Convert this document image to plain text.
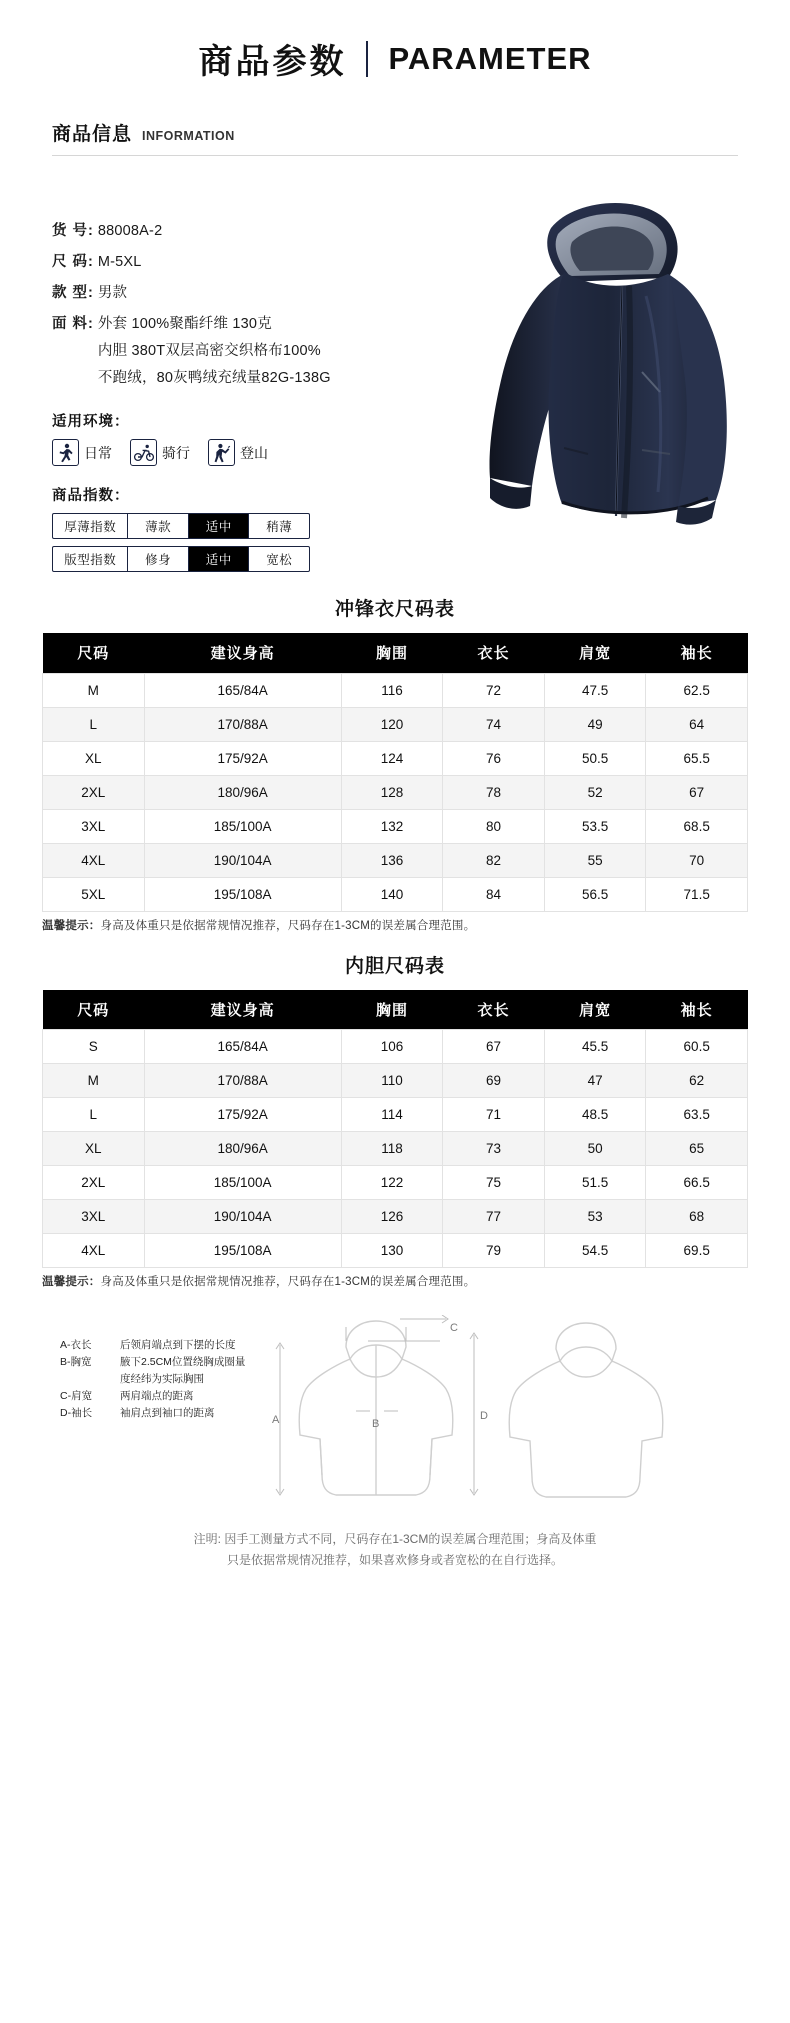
商品参数 PARAMETER
商品信息 INFORMATION
货 号: 88008A-2
尺 码: M-5XL
款 型: 男款
面 料: 外套 100%聚酯纤维 130克
内胆 380T双层高密交织格布100%
不跑绒，80灰鸭绒充绒量82G-138G
适用环境：
日常	骑行	登山
商品指数：
厚薄指数	薄款	适中	稍薄
版型指数	修身	适中	宽松
冲锋衣尺码表
尺码	建议身高	胸围	衣长	肩宽	袖长
M	165/84A	116	72	47.5	62.5
L	170/88A	120	74	49	64
XL	175/92A	124	76	50.5	65.5
2XL	180/96A	128	78	52	67
3XL	185/100A	132	80	53.5	68.5
4XL	190/104A	136	82	55	70
5XL	195/108A	140	84	56.5	71.5
温馨提示：身高及体重只是依据常规情况推荐，尺码存在1-3CM的误差属合理范围。
内胆尺码表
尺码	建议身高	胸围	衣长	肩宽	袖长
S	165/84A	106	67	45.5	60.5
M	170/88A	110	69	47	62
L	175/92A	114	71	48.5	63.5
XL	180/96A	118	73	50	65
2XL	185/100A	122	75	51.5	66.5
3XL	190/104A	126	77	53	68
4XL	195/108A	130	79	54.5	69.5
温馨提示：身高及体重只是依据常规情况推荐，尺码存在1-3CM的误差属合理范围。
A-衣长	后领肩端点到下摆的长度
B-胸宽	腋下2.5CM位置绕胸成圈量
度经纬为实际胸围
C-肩宽	两肩端点的距离
D-袖长	袖肩点到袖口的距离
A	B
C
D
注明: 因手工测量方式不同，尺码存在1-3CM的误差属合理范围；身高及体重
只是依据常规情况推荐，如果喜欢修身或者宽松的在自行选择。
